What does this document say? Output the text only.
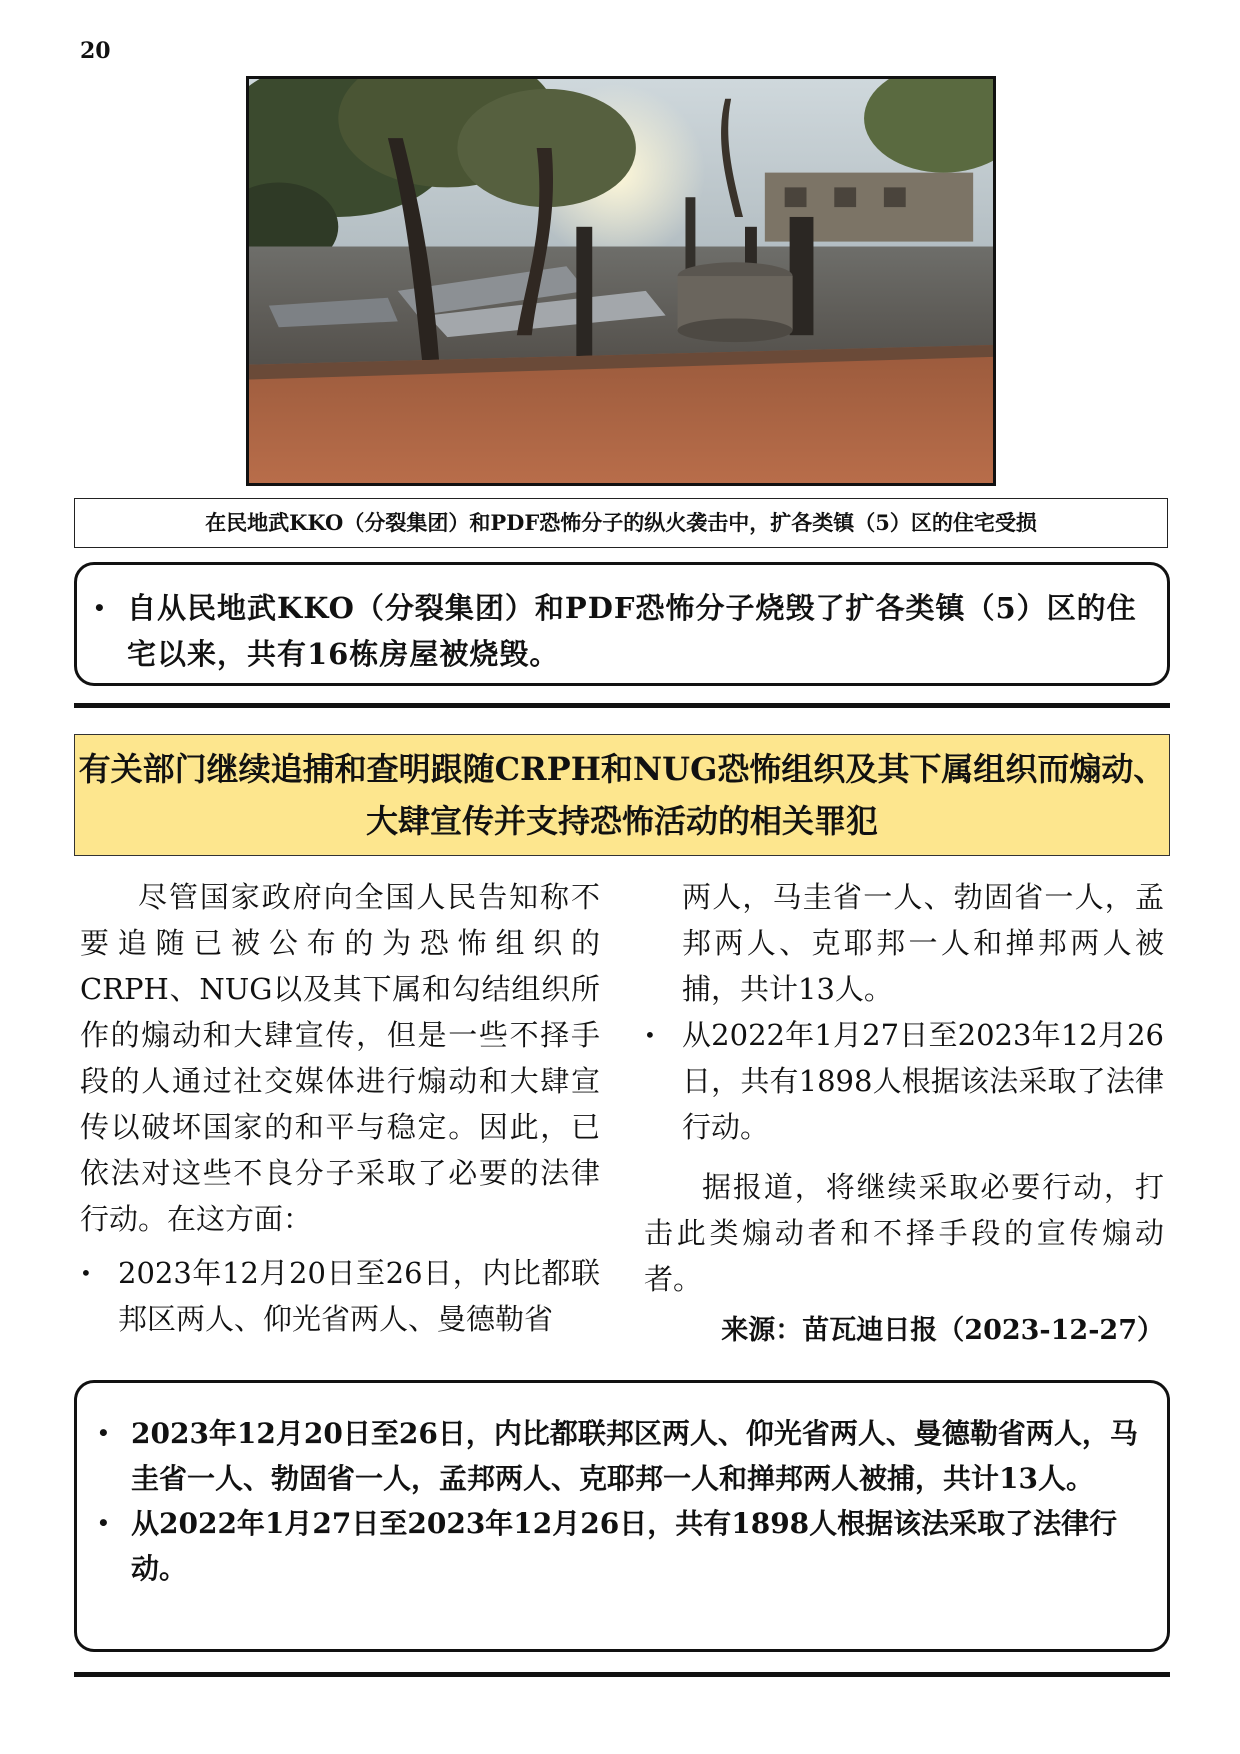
20
在民地武KKO（分裂集团）和PDF恐怖分子的纵火袭击中，扩各类镇（5）区的住宅受损
• 自从民地武KKO（分裂集团）和PDF恐怖分子烧毁了扩各类镇（5）区的住宅以来，共有16栋房屋被烧毁。
有关部门继续追捕和查明跟随CRPH和NUG恐怖组织及其下属组织而煽动、大肆宣传并支持恐怖活动的相关罪犯

尽管国家政府向全国人民告知称不要追随已被公布的为恐怖组织的CRPH、NUG以及其下属和勾结组织所作的煽动和大肆宣传，但是一些不择手段的人通过社交媒体进行煽动和大肆宣传以破坏国家的和平与稳定。因此，已依法对这些不良分子采取了必要的法律行动。在这方面：

• 2023年12月20日至26日，内比都联邦区两人、仰光省两人、曼德勒省

两人，马圭省一人、勃固省一人，孟邦两人、克耶邦一人和掸邦两人被捕，共计13人。

• 从2022年1月27日至2023年12月26日，共有1898人根据该法采取了法律行动。

据报道，将继续采取必要行动，打击此类煽动者和不择手段的宣传煽动者。

来源：苗瓦迪日报（2023-12-27）

• 2023年12月20日至26日，内比都联邦区两人、仰光省两人、曼德勒省两人，马圭省一人、勃固省一人，孟邦两人、克耶邦一人和掸邦两人被捕，共计13人。
• 从2022年1月27日至2023年12月26日，共有1898人根据该法采取了法律行动。
